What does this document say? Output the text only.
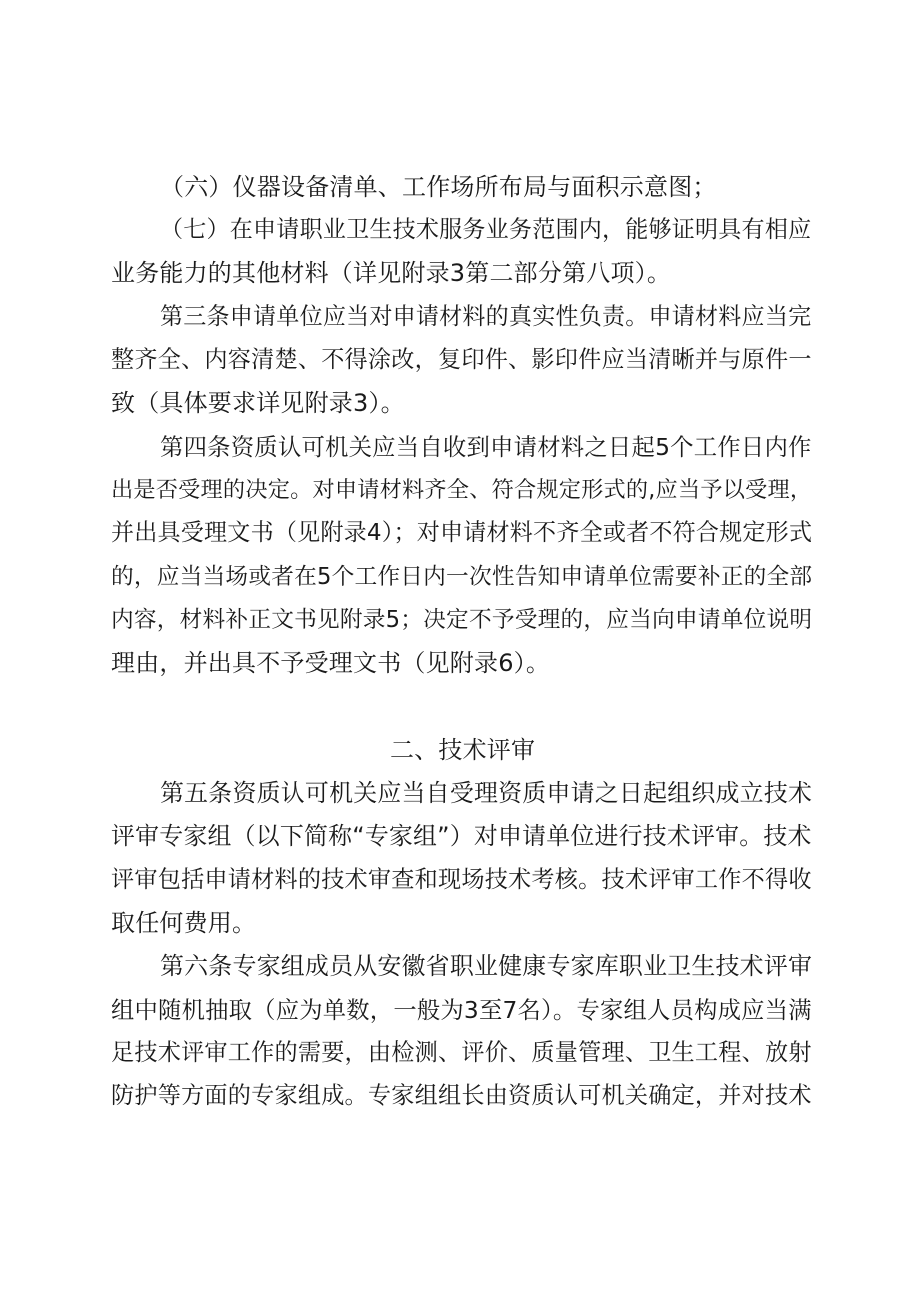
（六）仪器设备清单、工作场所布局与面积示意图；
（七）在申请职业卫生技术服务业务范围内，能够证明具有相应
业务能力的其他材料（详见附录3第二部分第八项）。
第三条申请单位应当对申请材料的真实性负责。申请材料应当完
整齐全、内容清楚、不得涂改，复印件、影印件应当清晰并与原件一
致（具体要求详见附录3）。
第四条资质认可机关应当自收到申请材料之日起5个工作日内作
出是否受理的决定。对申请材料齐全、符合规定形式的,应当予以受理，
并出具受理文书（见附录4）；对申请材料不齐全或者不符合规定形式
的，应当当场或者在5个工作日内一次性告知申请单位需要补正的全部
内容，材料补正文书见附录5；决定不予受理的，应当向申请单位说明
理由，并出具不予受理文书（见附录6）。
二、技术评审
第五条资质认可机关应当自受理资质申请之日起组织成立技术
评审专家组（以下简称“专家组”）对申请单位进行技术评审。技术
评审包括申请材料的技术审查和现场技术考核。技术评审工作不得收
取任何费用。
第六条专家组成员从安徽省职业健康专家库职业卫生技术评审
组中随机抽取（应为单数，一般为3至7名）。专家组人员构成应当满
足技术评审工作的需要，由检测、评价、质量管理、卫生工程、放射
防护等方面的专家组成。专家组组长由资质认可机关确定，并对技术
